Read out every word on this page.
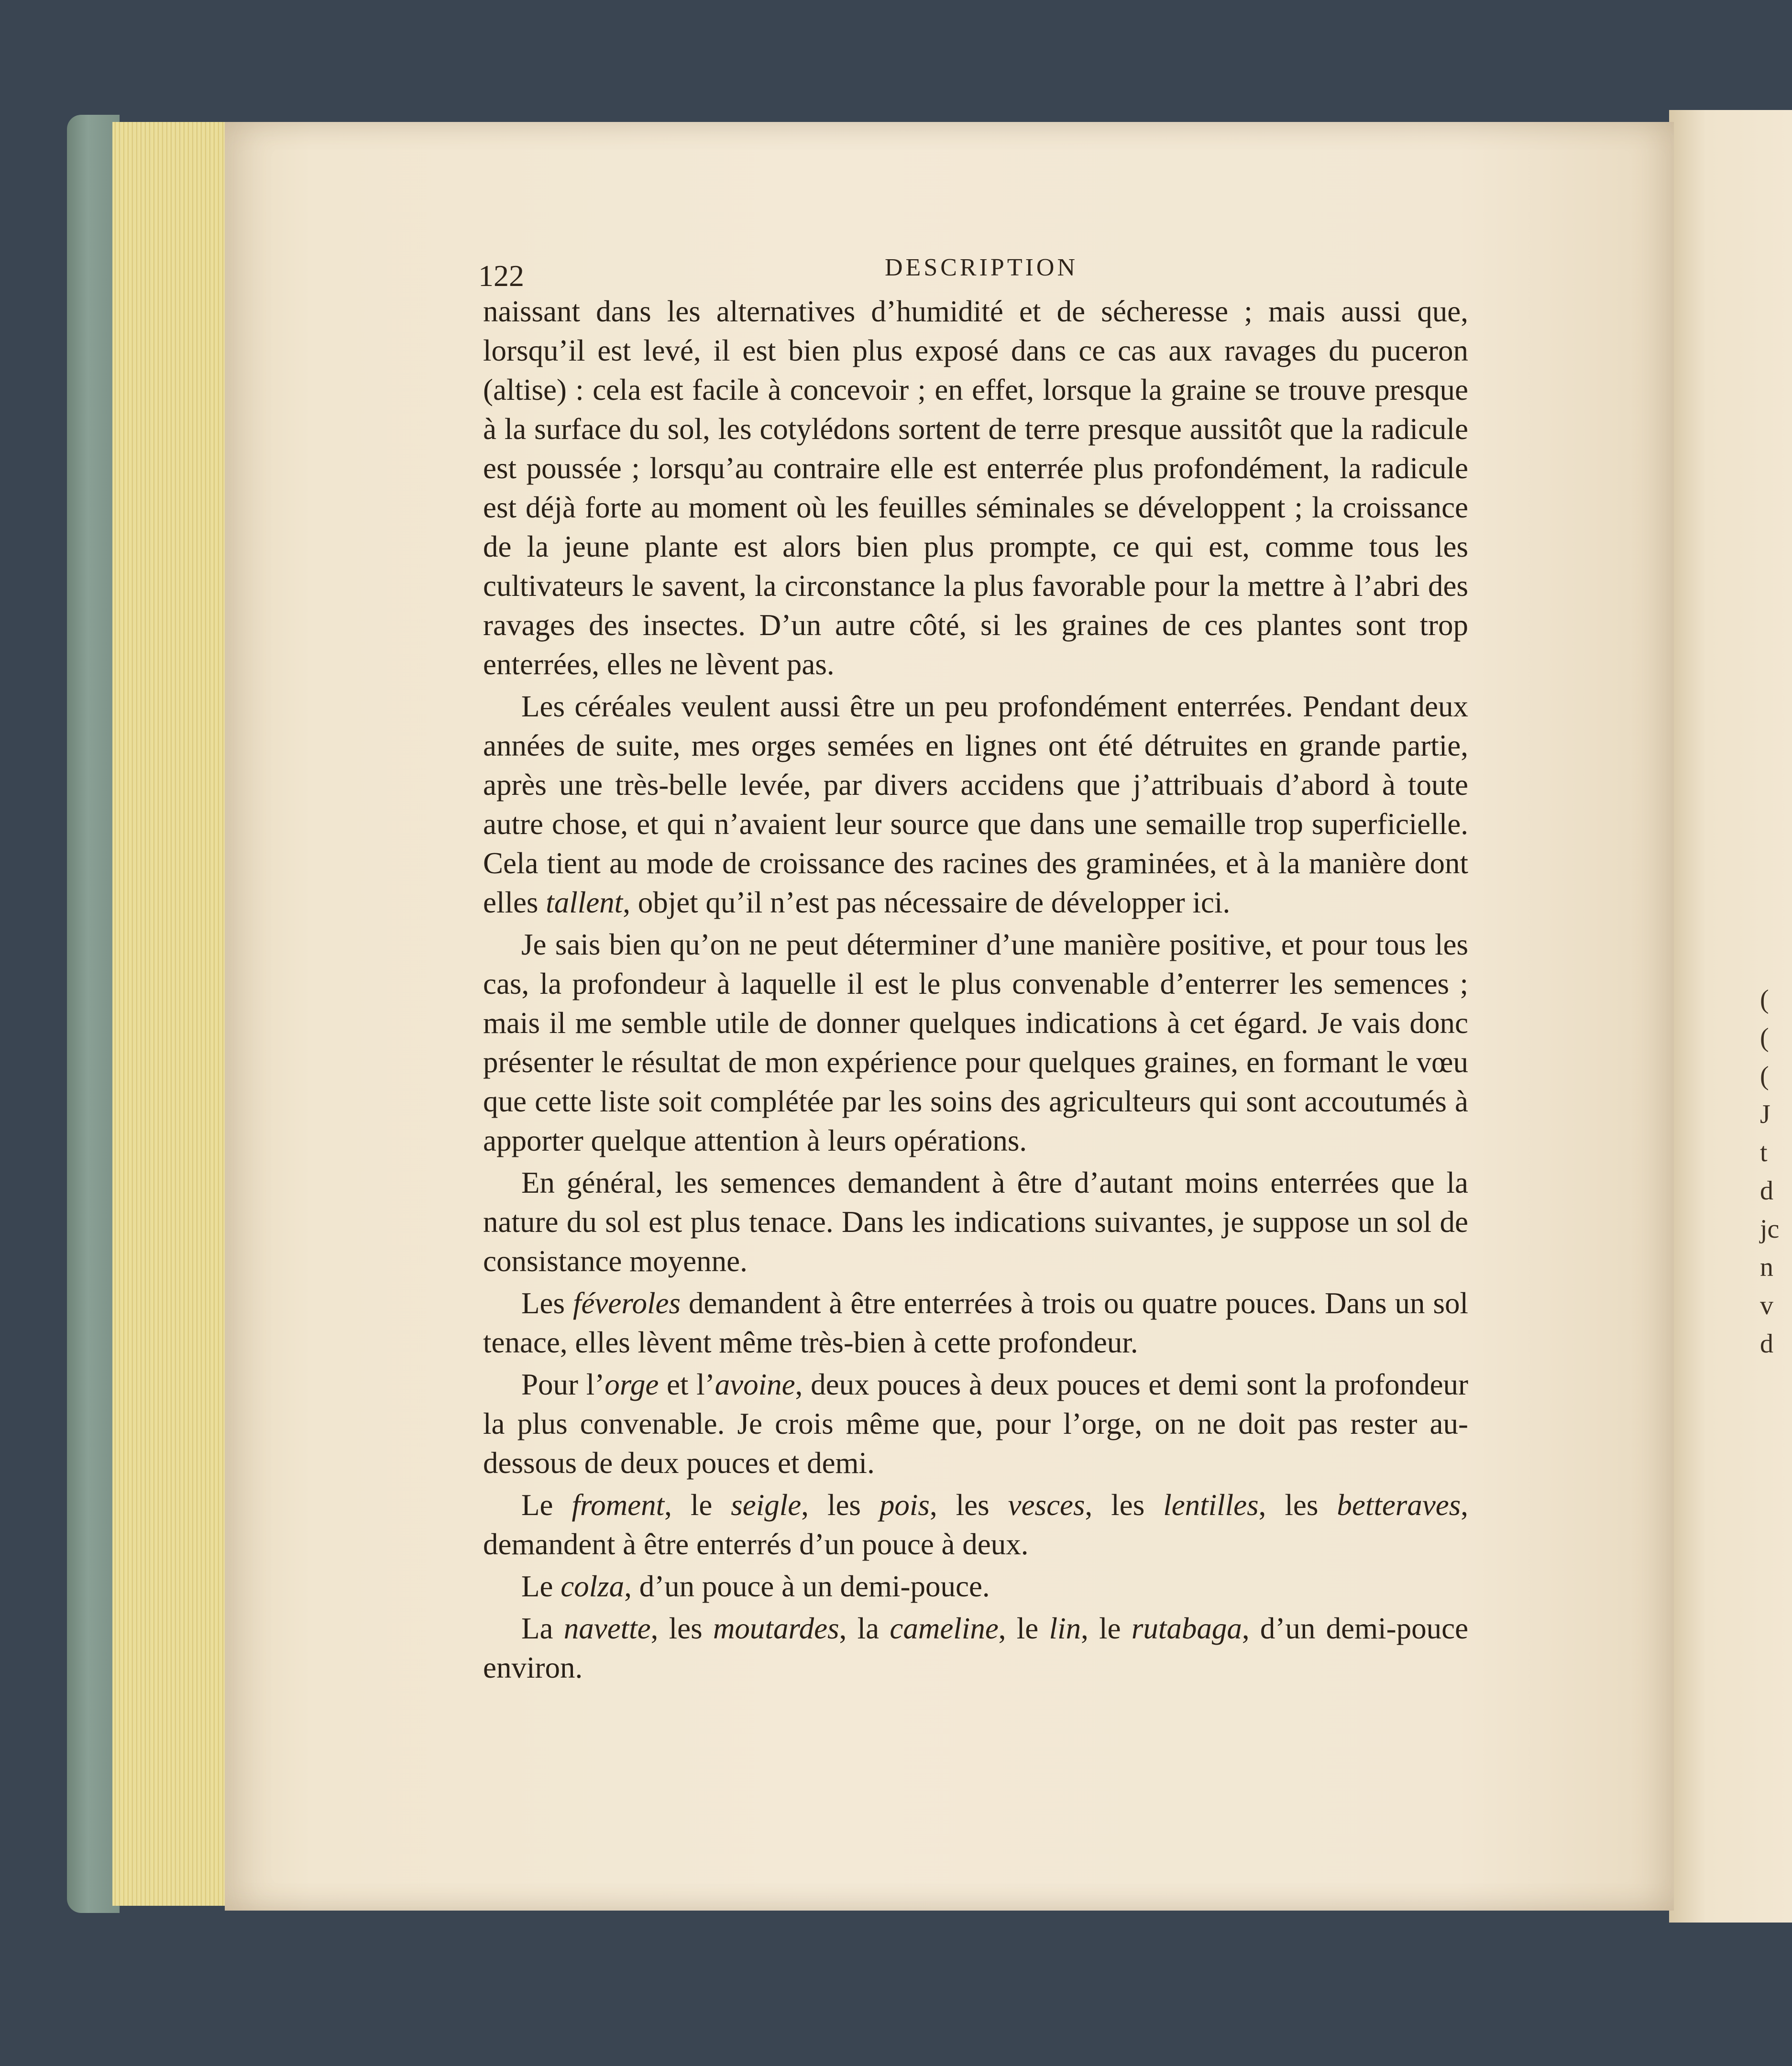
(
(
(
J
t
d
jc
n
v
d
122	DESCRIPTION

naissant dans les alternatives d’humidité et de sécheresse ; mais aussi que, lorsqu’il est levé, il est bien plus exposé dans ce cas aux ravages du puceron (altise) : cela est facile à concevoir ; en effet, lorsque la graine se trouve presque à la surface du sol, les cotylédons sortent de terre presque aussitôt que la radicule est poussée ; lorsqu’au contraire elle est enterrée plus profondément, la radicule est déjà forte au moment où les feuilles séminales se développent ; la croissance de la jeune plante est alors bien plus prompte, ce qui est, comme tous les cultivateurs le savent, la circonstance la plus favorable pour la mettre à l’abri des ravages des insectes. D’un autre côté, si les graines de ces plantes sont trop enterrées, elles ne lèvent pas.

Les céréales veulent aussi être un peu profondément enterrées. Pendant deux années de suite, mes orges semées en lignes ont été détruites en grande partie, après une très-belle levée, par divers accidens que j’attribuais d’abord à toute autre chose, et qui n’avaient leur source que dans une semaille trop superficielle. Cela tient au mode de croissance des racines des graminées, et à la manière dont elles tallent, objet qu’il n’est pas nécessaire de développer ici.

Je sais bien qu’on ne peut déterminer d’une manière positive, et pour tous les cas, la profondeur à laquelle il est le plus convenable d’enterrer les semences ; mais il me semble utile de donner quelques indications à cet égard. Je vais donc présenter le résultat de mon expérience pour quelques graines, en formant le vœu que cette liste soit complétée par les soins des agriculteurs qui sont accoutumés à apporter quelque attention à leurs opérations.

En général, les semences demandent à être d’autant moins enterrées que la nature du sol est plus tenace. Dans les indications suivantes, je suppose un sol de consistance moyenne.

Les féveroles demandent à être enterrées à trois ou quatre pouces. Dans un sol tenace, elles lèvent même très-bien à cette profondeur.

Pour l’orge et l’avoine, deux pouces à deux pouces et demi sont la profondeur la plus convenable. Je crois même que, pour l’orge, on ne doit pas rester au-dessous de deux pouces et demi.

Le froment, le seigle, les pois, les vesces, les lentilles, les betteraves, demandent à être enterrés d’un pouce à deux.

Le colza, d’un pouce à un demi-pouce.

La navette, les moutardes, la cameline, le lin, le rutabaga, d’un demi-pouce environ.
